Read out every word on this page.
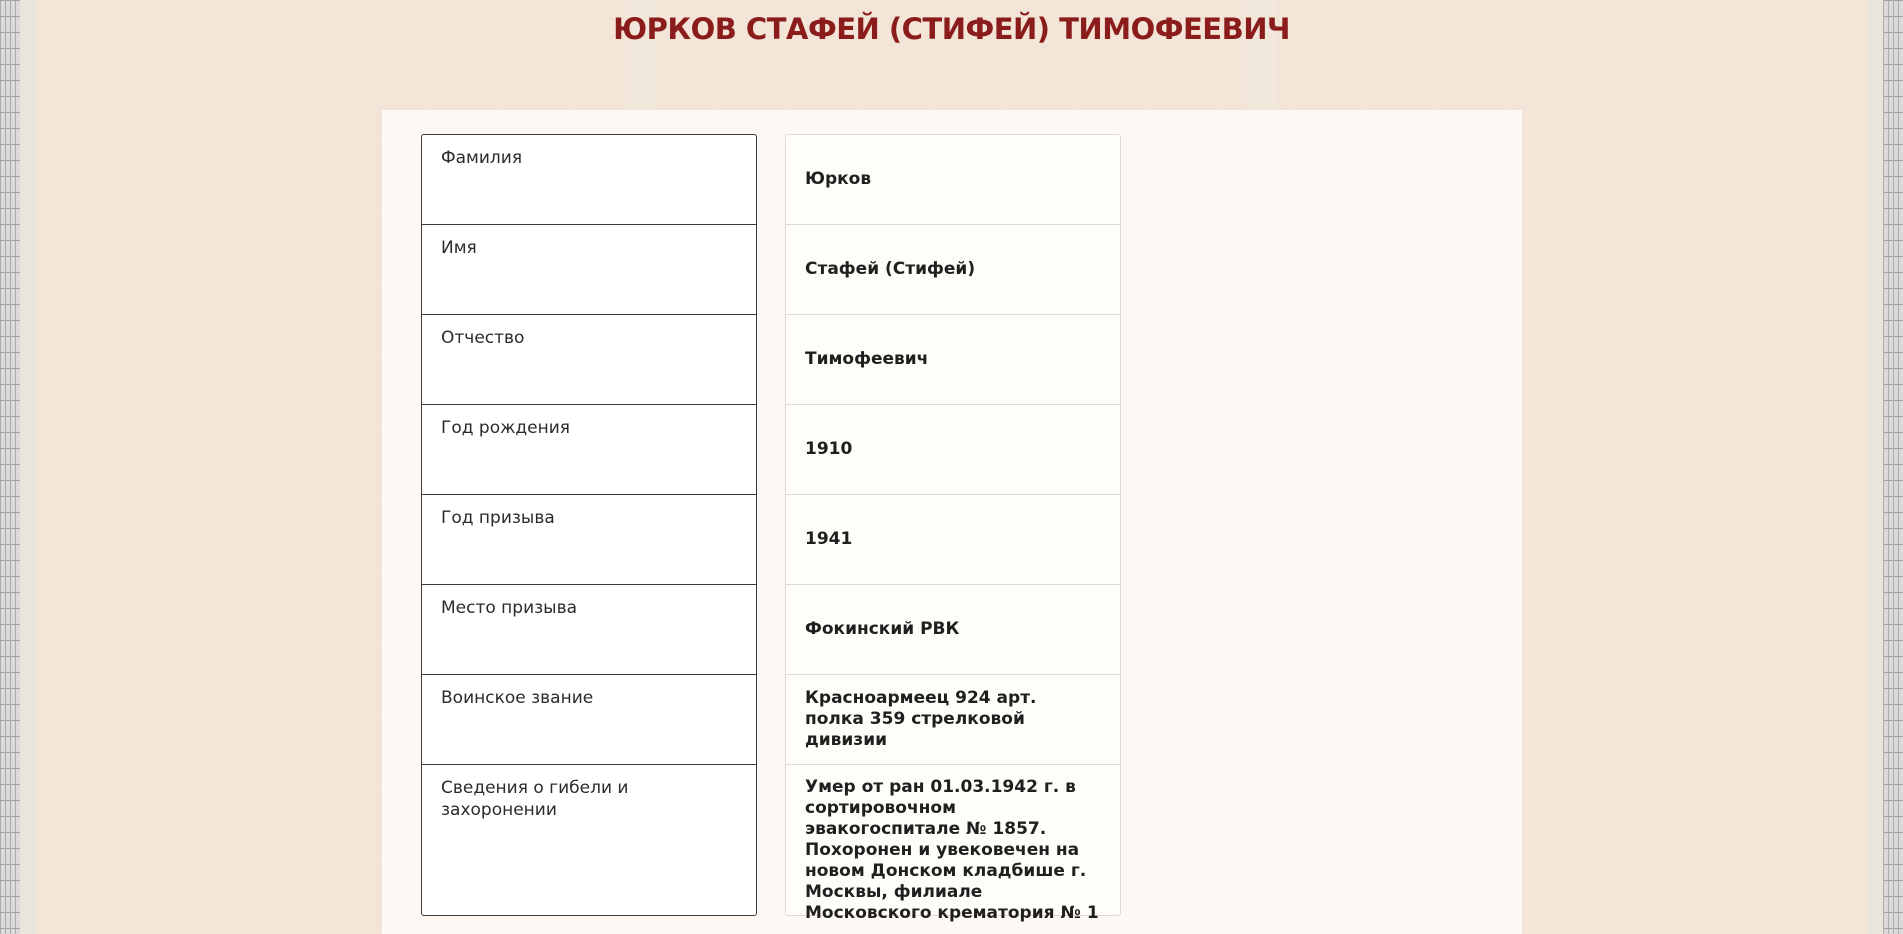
ЮРКОВ СТАФЕЙ (СТИФЕЙ) ТИМОФЕЕВИЧ
Фамилия
Имя
Отчество
Год рождения
Год призыва
Место призыва
Воинское звание
Сведения о гибели и захоронении
Юрков
Стафей (Стифей)
Тимофеевич
1910
1941
Фокинский РВК
Красноармеец 924 арт. полка 359 стрелковой дивизии
Умер от ран 01.03.1942 г. в сортировочном эвакогоспитале № 1857. Похоронен и увековечен на новом Донском кладбише г. Москвы, филиале Московского крематория № 1
